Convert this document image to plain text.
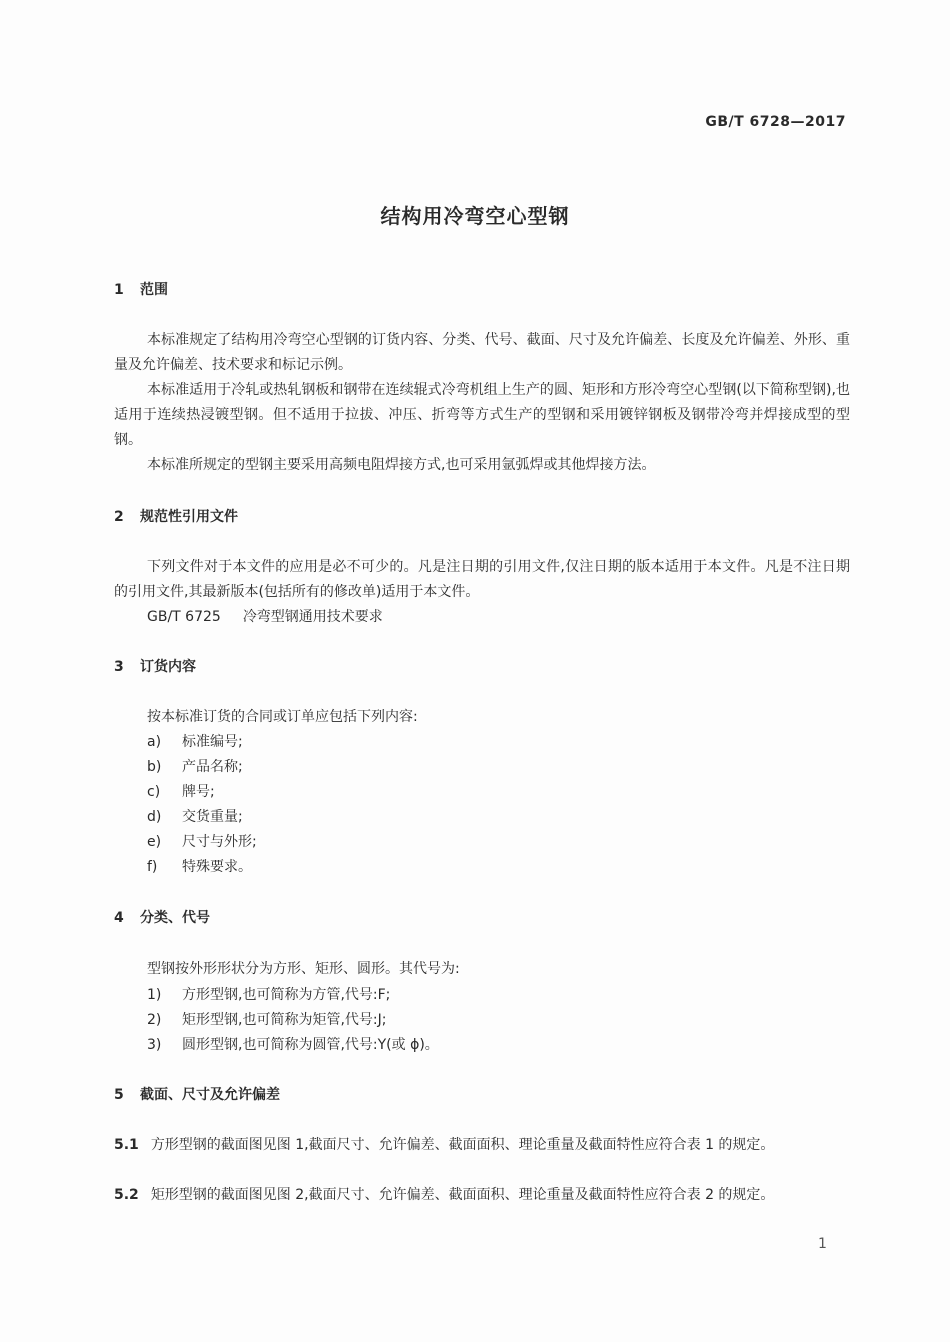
GB/T 6728—2017
结构用冷弯空心型钢
1 范围
本标准规定了结构用冷弯空心型钢的订货内容、分类、代号、截面、尺寸及允许偏差、长度及允许偏差、外形、重量及允许偏差、技术要求和标记示例。
本标准适用于冷轧或热轧钢板和钢带在连续辊式冷弯机组上生产的圆、矩形和方形冷弯空心型钢(以下简称型钢),也适用于连续热浸镀型钢。但不适用于拉拔、冲压、折弯等方式生产的型钢和采用镀锌钢板及钢带冷弯并焊接成型的型钢。
本标准所规定的型钢主要采用高频电阻焊接方式,也可采用氩弧焊或其他焊接方法。
2 规范性引用文件
下列文件对于本文件的应用是必不可少的。凡是注日期的引用文件,仅注日期的版本适用于本文件。凡是不注日期的引用文件,其最新版本(包括所有的修改单)适用于本文件。
GB/T 6725 冷弯型钢通用技术要求
3 订货内容
按本标准订货的合同或订单应包括下列内容:
a) 标准编号;
b) 产品名称;
c) 牌号;
d) 交货重量;
e) 尺寸与外形;
f) 特殊要求。
4 分类、代号
型钢按外形形状分为方形、矩形、圆形。其代号为:
1) 方形型钢,也可简称为方管,代号:F;
2) 矩形型钢,也可简称为矩管,代号:J;
3) 圆形型钢,也可简称为圆管,代号:Y(或 ϕ)。
5 截面、尺寸及允许偏差
5.1 方形型钢的截面图见图 1,截面尺寸、允许偏差、截面面积、理论重量及截面特性应符合表 1 的规定。
5.2 矩形型钢的截面图见图 2,截面尺寸、允许偏差、截面面积、理论重量及截面特性应符合表 2 的规定。
1
